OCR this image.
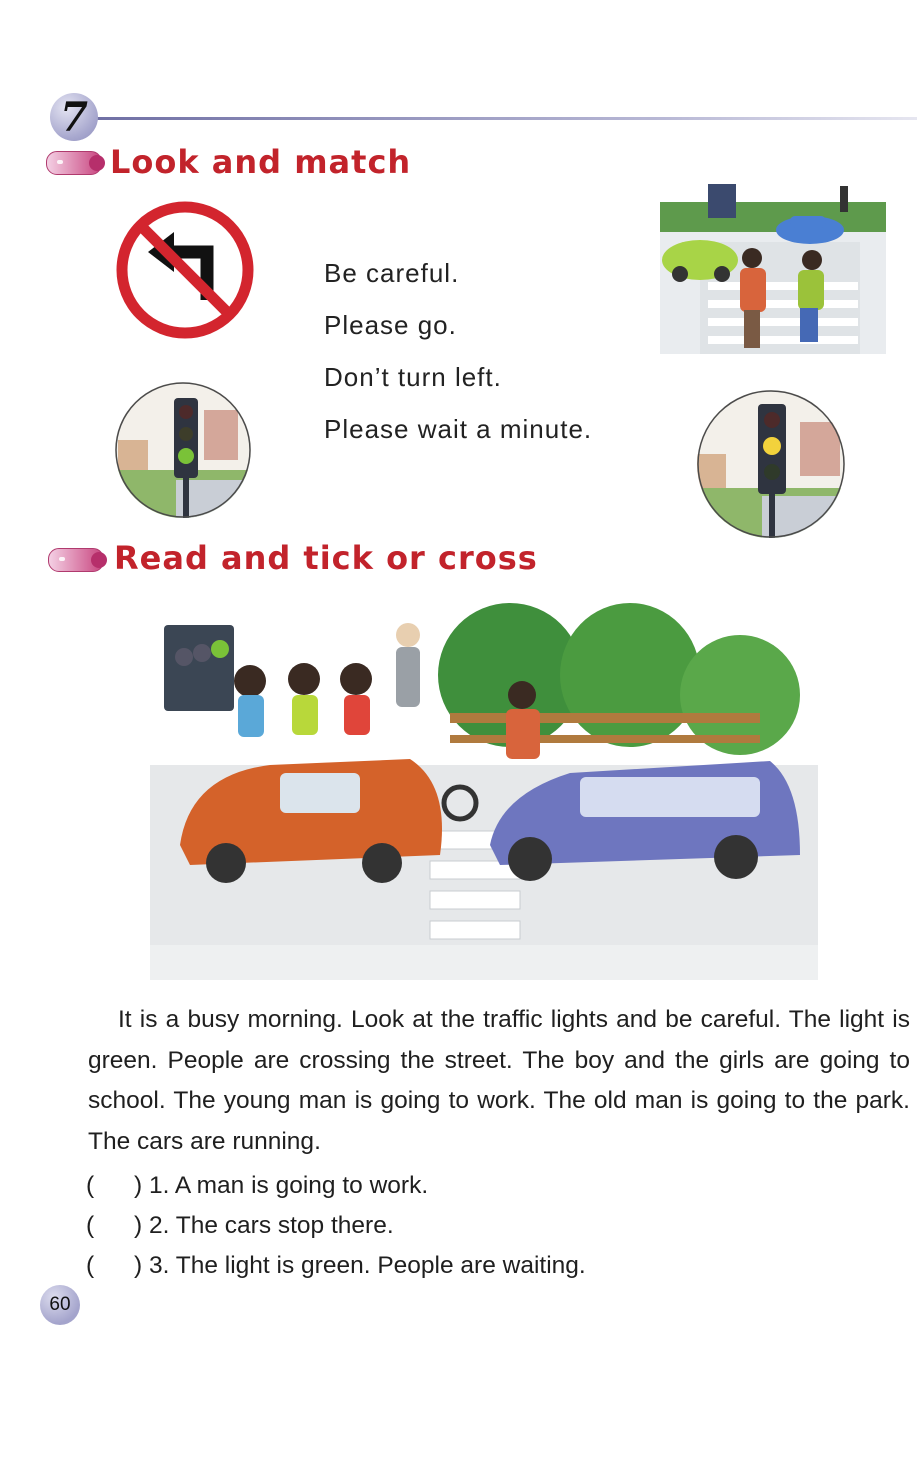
7
Look and match
Be careful.
Please go.
Don’t turn left.
Please wait a minute.
Read and tick or cross
It is a busy morning. Look at the traffic lights and be careful. The light is green. People are crossing the street. The boy and the girls are going to school. The young man is going to work. The old man is going to the park. The cars are running.
( ) 1. A man is going to work.
( ) 2. The cars stop there.
( ) 3. The light is green. People are waiting.
60
